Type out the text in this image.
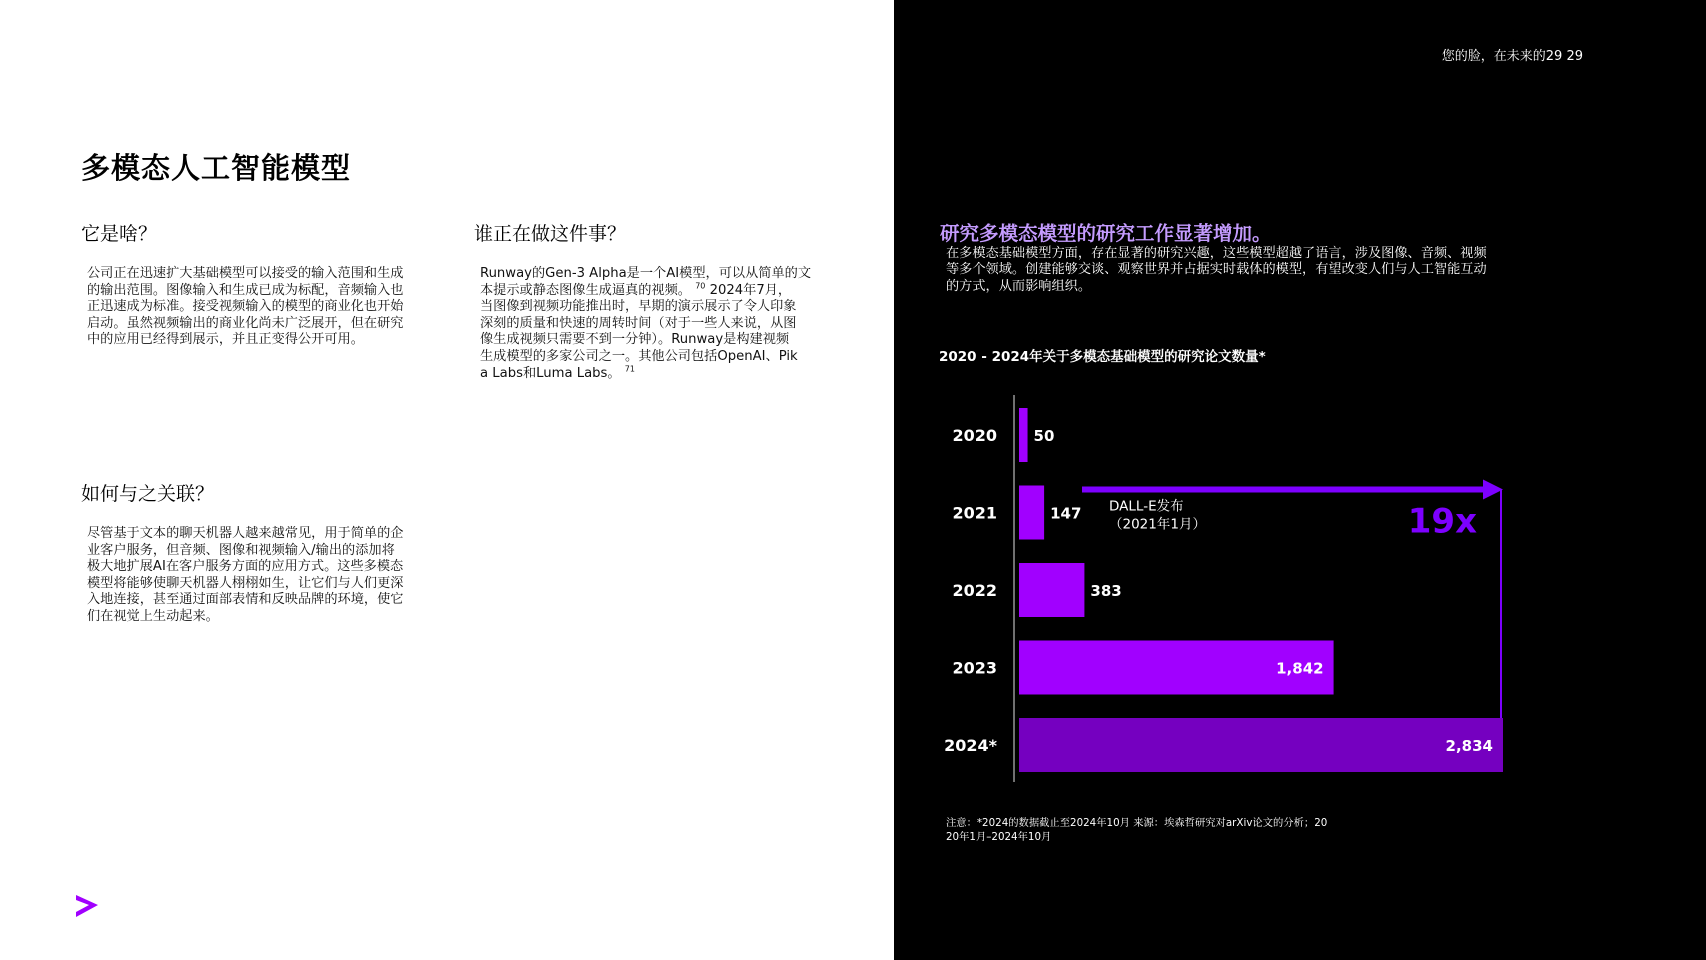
多模态人工智能模型
它是啥？
公司正在迅速扩大基础模型可以接受的输入范围和生成
的输出范围。图像输入和生成已成为标配，音频输入也
正迅速成为标准。接受视频输入的模型的商业化也开始
启动。虽然视频输出的商业化尚未广泛展开，但在研究
中的应用已经得到展示，并且正变得公开可用。
谁正在做这件事？
Runway的Gen-3 Alpha是一个AI模型，可以从简单的文
本提示或静态图像生成逼真的视频。 $^{70}$ 2024年7月，
当图像到视频功能推出时，早期的演示展示了令人印象
深刻的质量和快速的周转时间（对于一些人来说，从图
像生成视频只需要不到一分钟）。Runway是构建视频
生成模型的多家公司之一。其他公司包括OpenAI、Pik
a Labs和Luma Labs。 $^{71}$
如何与之关联？
尽管基于文本的聊天机器人越来越常见，用于简单的企
业客户服务，但音频、图像和视频输入/输出的添加将
极大地扩展AI在客户服务方面的应用方式。这些多模态
模型将能够使聊天机器人栩栩如生，让它们与人们更深
入地连接，甚至通过面部表情和反映品牌的环境，使它
们在视觉上生动起来。
您的脸，在未来的29 29
研究多模态模型的研究工作显著增加。
在多模态基础模型方面，存在显著的研究兴趣，这些模型超越了语言，涉及图像、音频、视频
等多个领域。创建能够交谈、观察世界并占据实时载体的模型，有望改变人们与人工智能互动
的方式，从而影响组织。
2020 - 2024年关于多模态基础模型的研究论文数量*
2020 50
2021	147
2022	383
2023	1,842
2024*	2,834
DALL-E发布
（2021年1月）	19x
注意：*2024的数据截止至2024年10月 来源：埃森哲研究对arXiv论文的分析；20
20年1月–2024年10月
